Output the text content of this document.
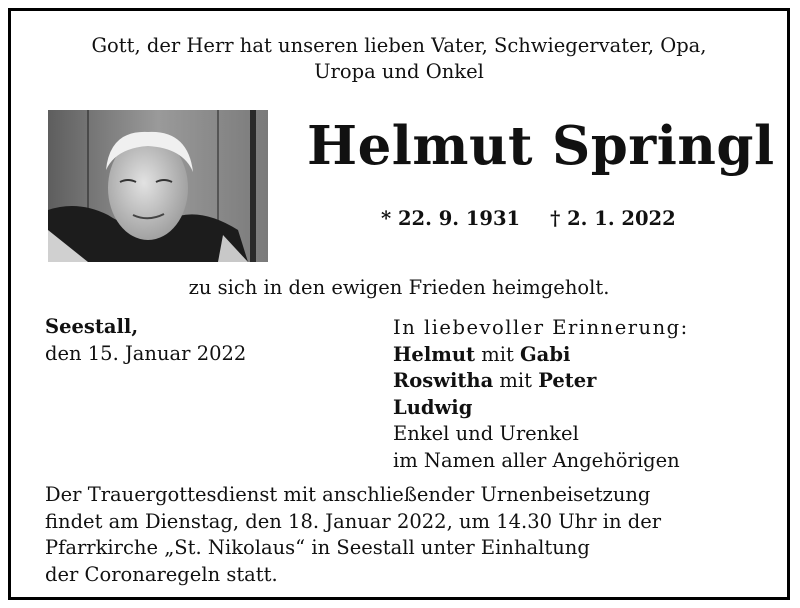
Gott, der Herr hat unseren lieben Vater, Schwiegervater, Opa,
Uropa und Onkel
Helmut Springl
* 22. 9. 1931 † 2. 1. 2022
zu sich in den ewigen Frieden heimgeholt.
Seestall,
den 15. Januar 2022
In liebevoller Erinnerung:
Helmut mit Gabi
Roswitha mit Peter
Ludwig
Enkel und Urenkel
im Namen aller Angehörigen
Der Trauergottesdienst mit anschließender Urnenbeisetzung
findet am Dienstag, den 18. Januar 2022, um 14.30 Uhr in der
Pfarrkirche „St. Nikolaus“ in Seestall unter Einhaltung
der Coronaregeln statt.
